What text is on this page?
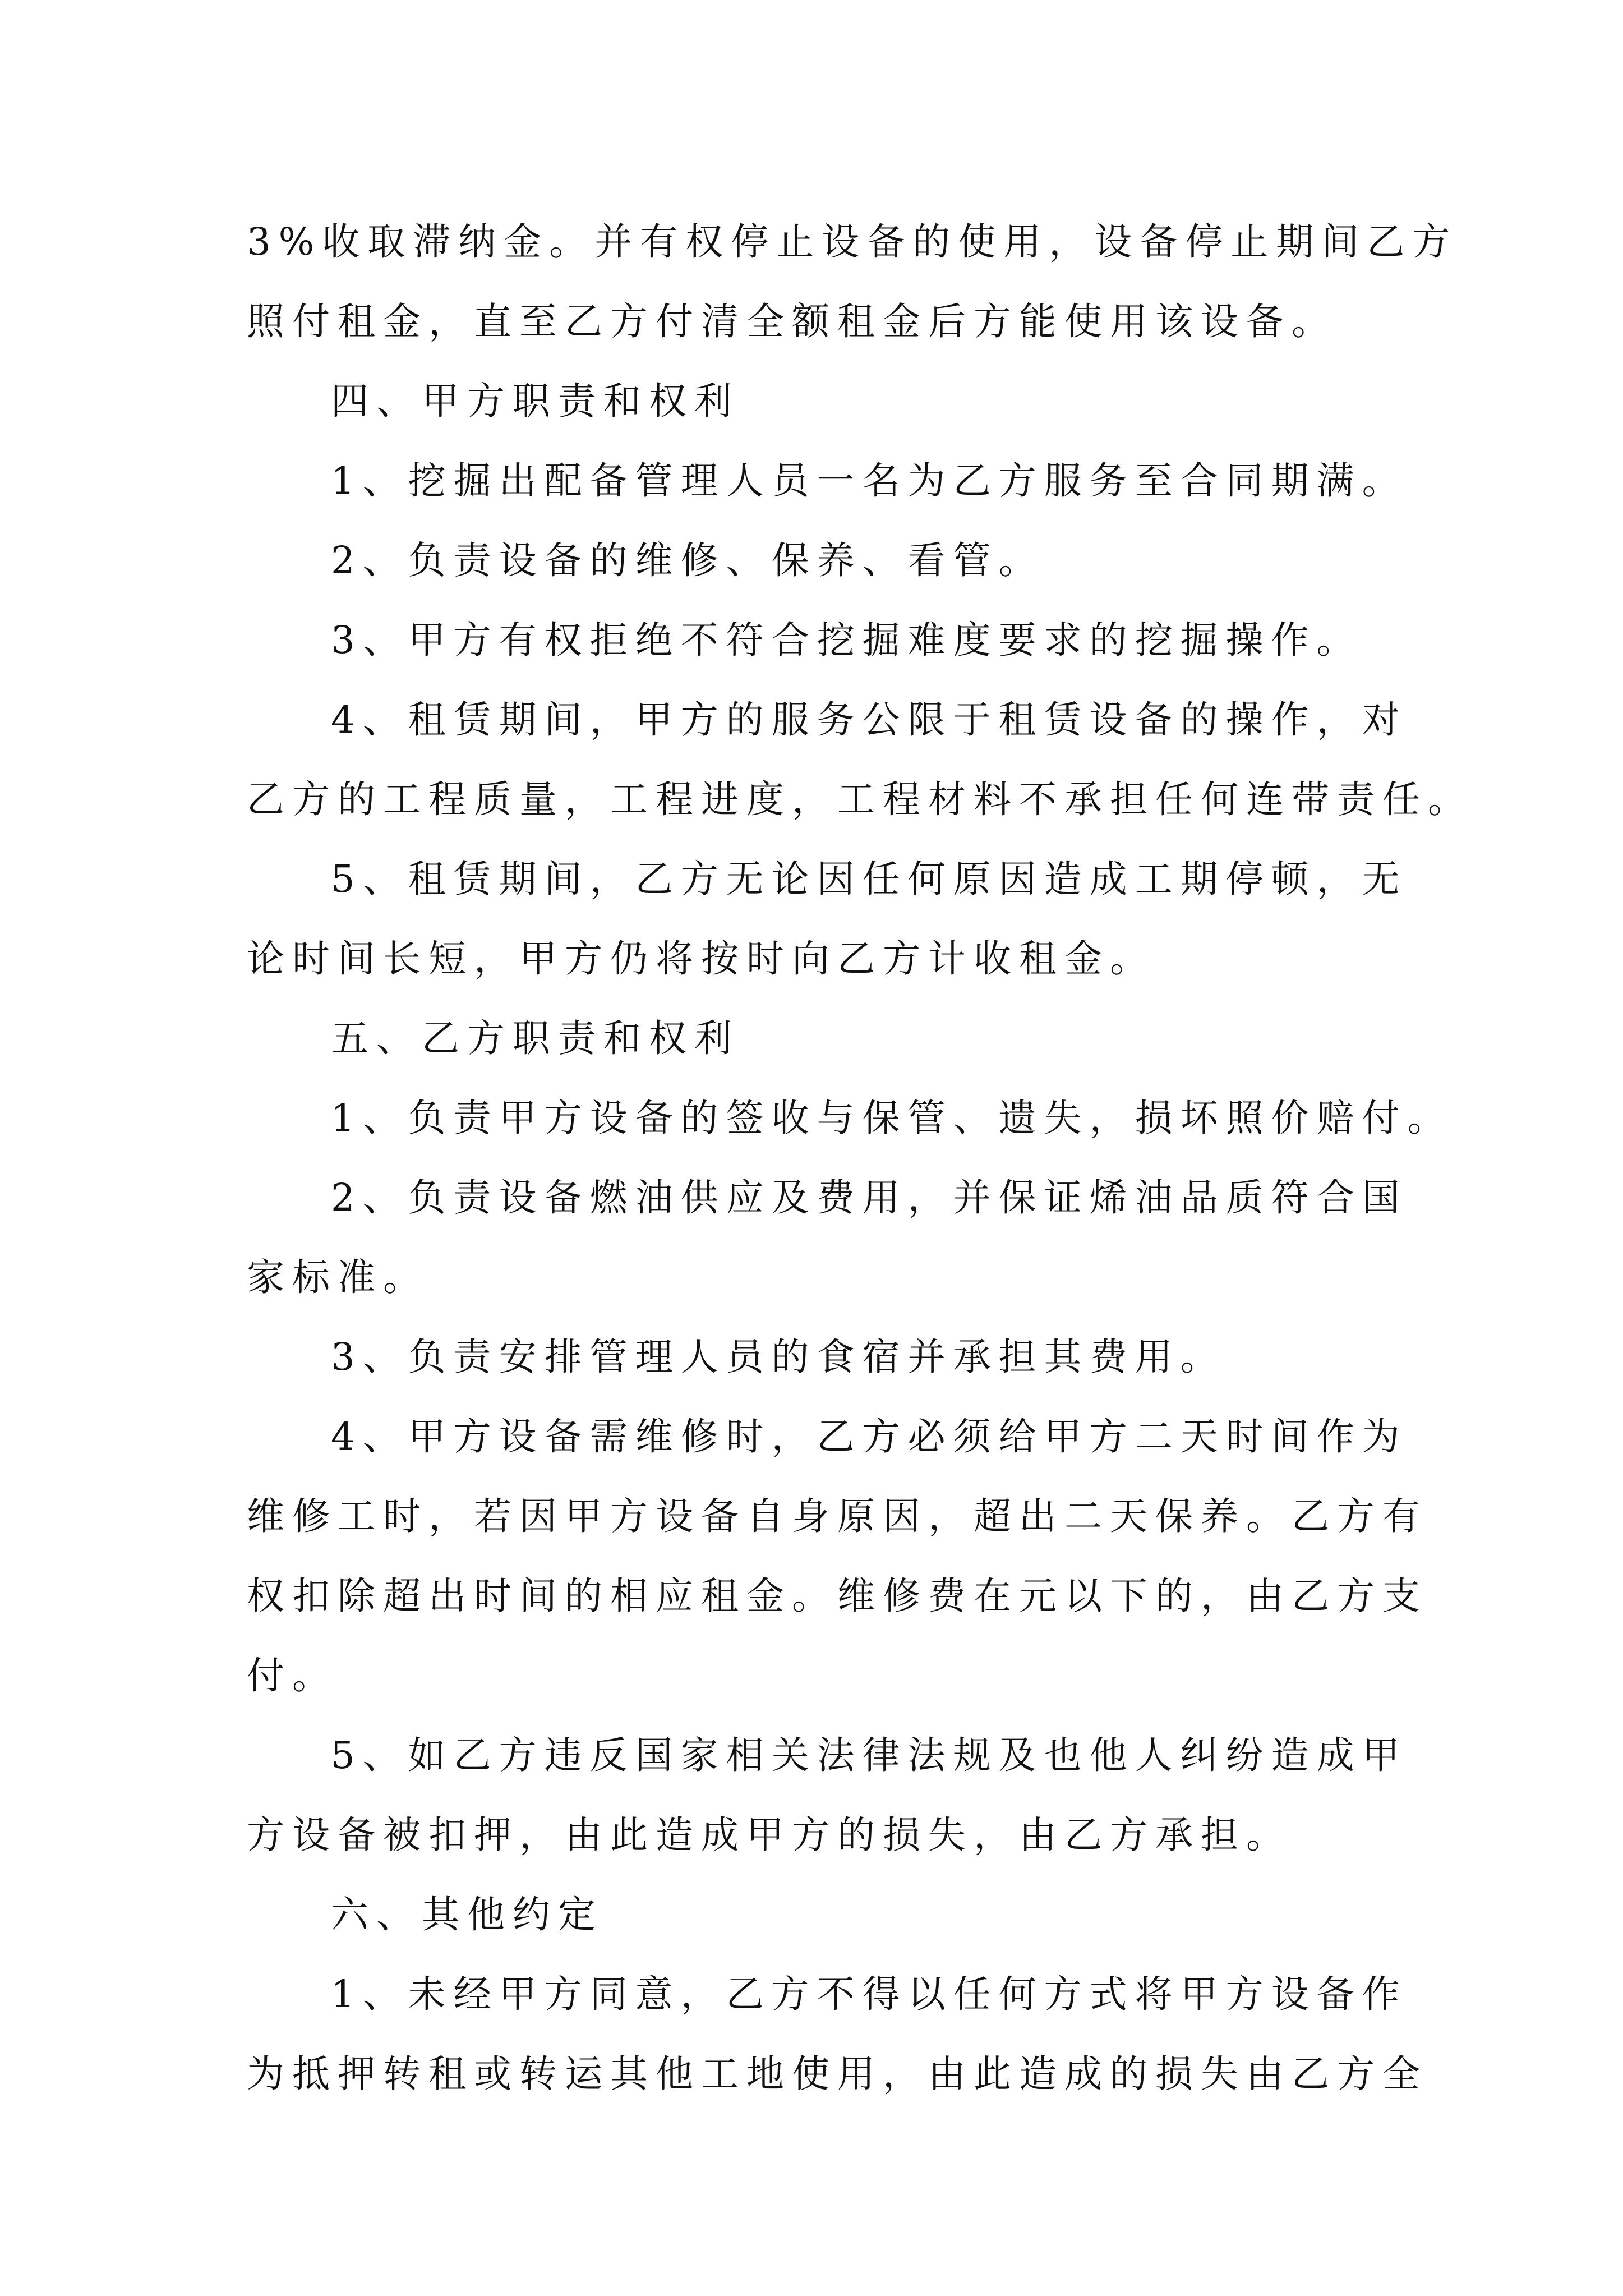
3%收取滞纳金。并有权停止设备的使用，设备停止期间乙方
照付租金，直至乙方付清全额租金后方能使用该设备。
四、甲方职责和权利
1、挖掘出配备管理人员一名为乙方服务至合同期满。
2、负责设备的维修、保养、看管。
3、甲方有权拒绝不符合挖掘难度要求的挖掘操作。
4、租赁期间，甲方的服务公限于租赁设备的操作，对
乙方的工程质量，工程进度，工程材料不承担任何连带责任。
5、租赁期间，乙方无论因任何原因造成工期停顿，无
论时间长短，甲方仍将按时向乙方计收租金。
五、乙方职责和权利
1、负责甲方设备的签收与保管、遗失，损坏照价赔付。
2、负责设备燃油供应及费用，并保证烯油品质符合国
家标准。
3、负责安排管理人员的食宿并承担其费用。
4、甲方设备需维修时，乙方必须给甲方二天时间作为
维修工时，若因甲方设备自身原因，超出二天保养。乙方有
权扣除超出时间的相应租金。维修费在元以下的，由乙方支
付。
5、如乙方违反国家相关法律法规及也他人纠纷造成甲
方设备被扣押，由此造成甲方的损失，由乙方承担。
六、其他约定
1、未经甲方同意，乙方不得以任何方式将甲方设备作
为抵押转租或转运其他工地使用，由此造成的损失由乙方全
